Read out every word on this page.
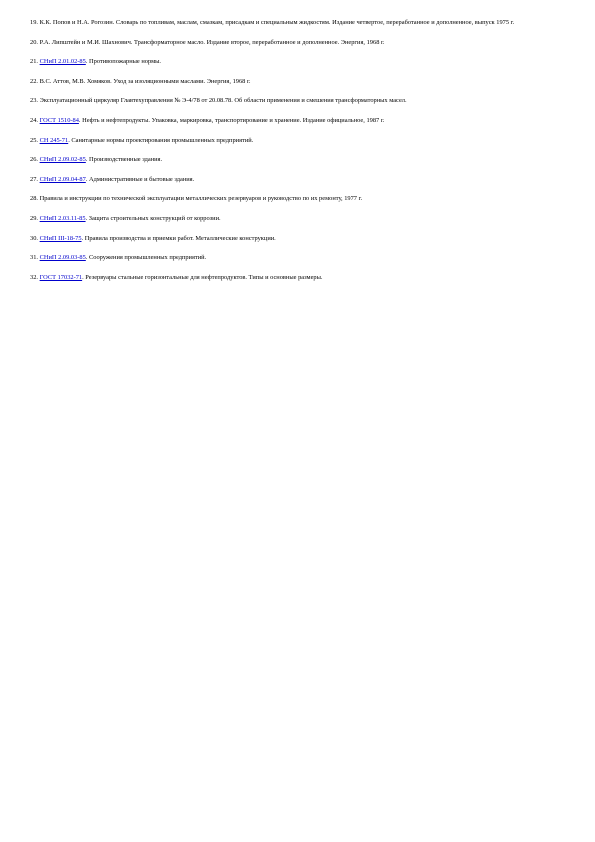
19. К.К. Попов и Н.А. Рогозин. Словарь по топливам, маслам, смазкам, присадкам и специальным жидкостям. Издание четвертое, переработанное и дополненное, выпуск 1975 г.

20. Р.А. Липштейн и М.И. Шахнович. Трансформаторное масло. Издание второе, переработанное и дополненное. Энергия, 1968 г.

21. СНиП 2.01.02-85. Противопожарные нормы.

22. В.С. Аттов, М.В. Хомяков. Уход за изоляционными маслами. Энергия, 1968 г.

23. Эксплуатационный циркуляр Главтехуправления № Э-4/78 от 20.08.78. Об области применения и смешения трансформаторных масел.

24. ГОСТ 1510-84. Нефть и нефтепродукты. Упаковка, маркировка, транспортирование и хранение. Издание официальное, 1987 г.

25. СН 245-71. Санитарные нормы проектирования промышленных предприятий.

26. СНиП 2.09.02-85. Производственные здания.

27. СНиП 2.09.04-87. Административные и бытовые здания.

28. Правила и инструкции по технической эксплуатации металлических резервуаров и руководство по их ремонту, 1977 г.

29. СНиП 2.03.11-85. Защита строительных конструкций от коррозии.

30. СНиП III-18-75. Правила производства и приемки работ. Металлические конструкции.

31. СНиП 2.09.03-85. Сооружения промышленных предприятий.

32. ГОСТ 17032-71. Резервуары стальные горизонтальные для нефтепродуктов. Типы и основные размеры.
